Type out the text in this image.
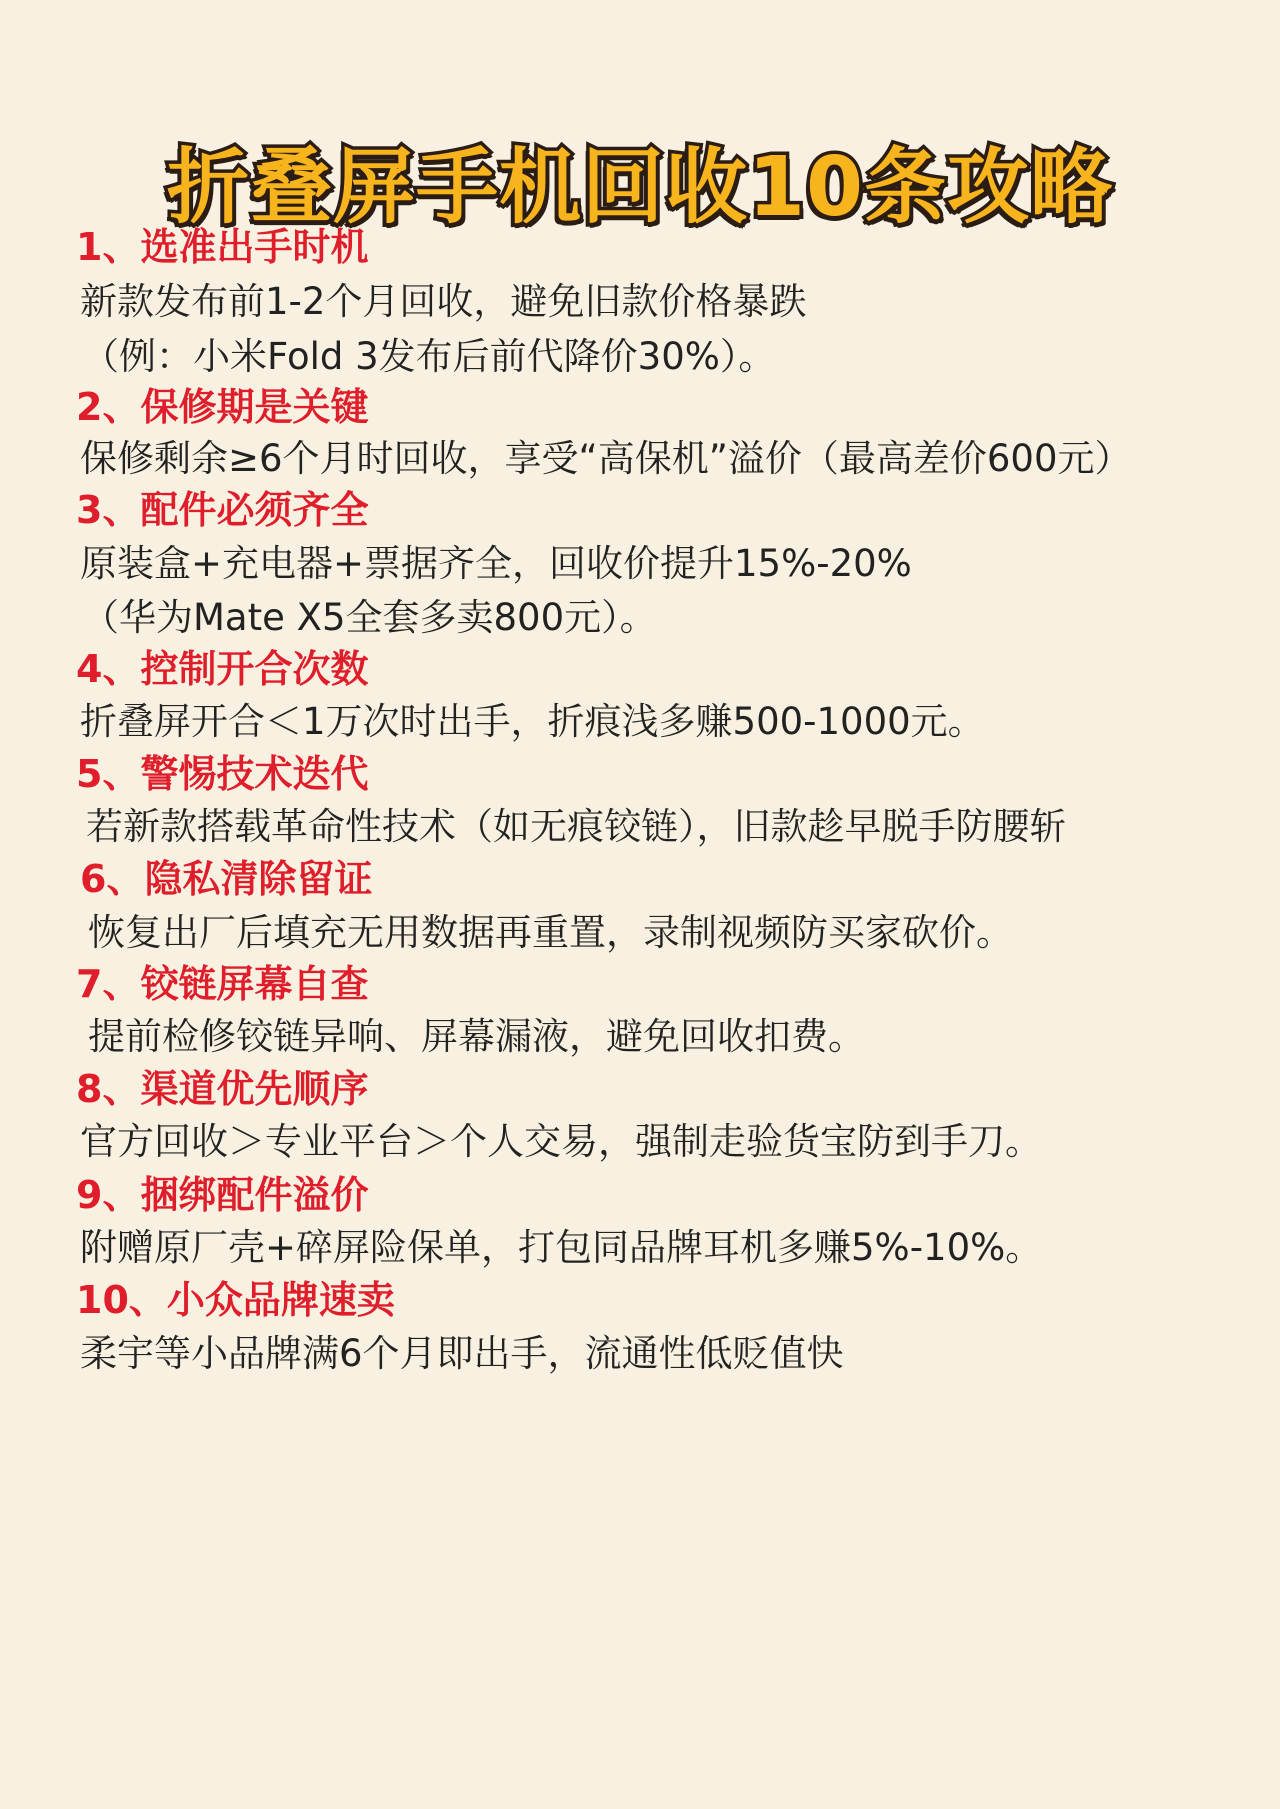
折叠屏手机回收10条攻略
1、选准出手时机
新款发布前1-2个月回收，避免旧款价格暴跌
（例：小米Fold 3发布后前代降价30%）。
2、保修期是关键
保修剩余≥6个月时回收，享受“高保机”溢价（最高差价600元）
3、配件必须齐全
原装盒+充电器+票据齐全，回收价提升15%-20%
（华为Mate X5全套多卖800元）。
4、控制开合次数
折叠屏开合＜1万次时出手，折痕浅多赚500-1000元。
5、警惕技术迭代
若新款搭载革命性技术（如无痕铰链），旧款趁早脱手防腰斩
6、隐私清除留证
恢复出厂后填充无用数据再重置，录制视频防买家砍价。
7、铰链屏幕自查
提前检修铰链异响、屏幕漏液，避免回收扣费。
8、渠道优先顺序
官方回收＞专业平台＞个人交易，强制走验货宝防到手刀。
9、捆绑配件溢价
附赠原厂壳+碎屏险保单，打包同品牌耳机多赚5%-10%。
10、小众品牌速卖
柔宇等小品牌满6个月即出手，流通性低贬值快
